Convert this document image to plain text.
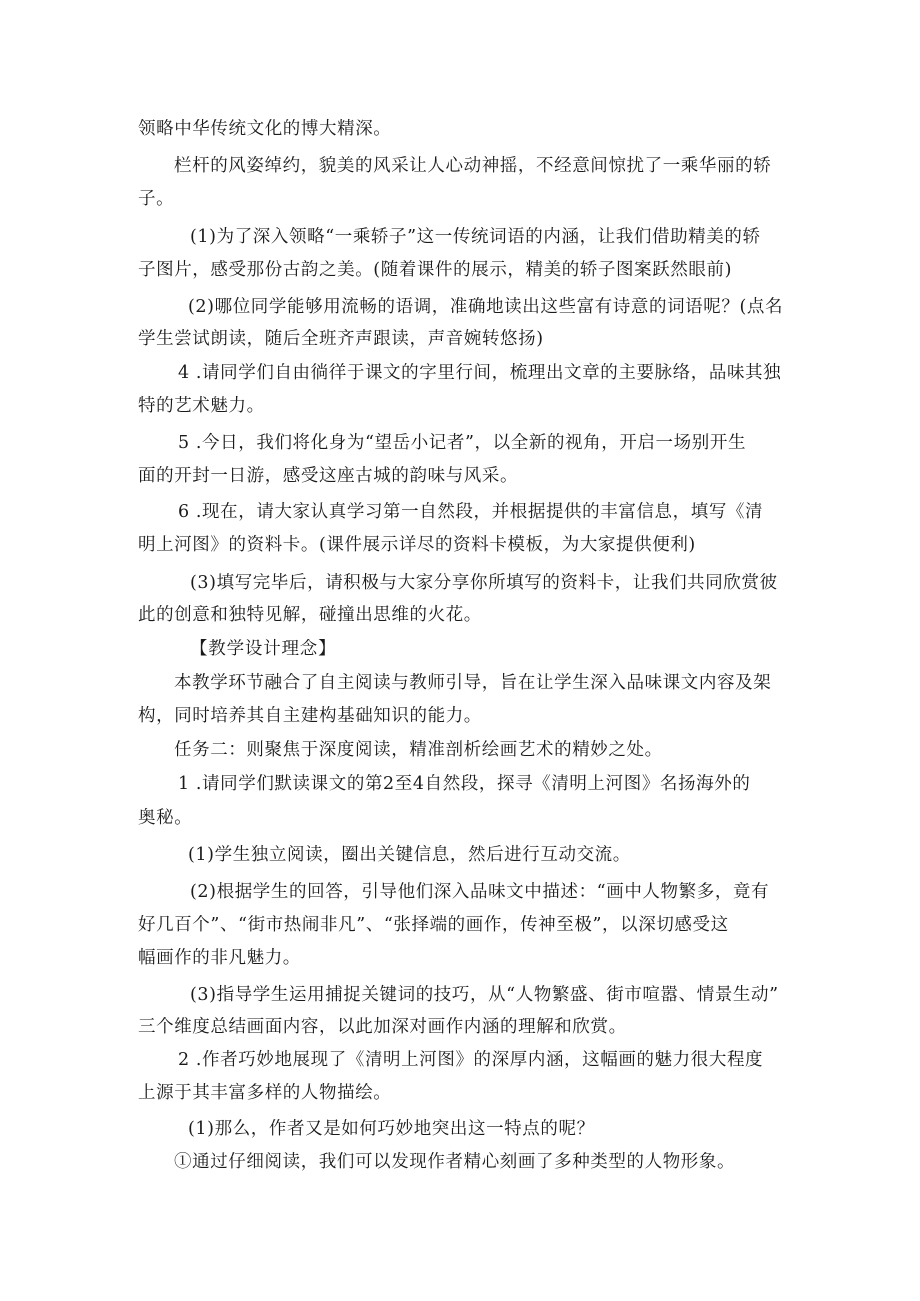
领略中华传统文化的博大精深。
栏杆的风姿绰约，貌美的风采让人心动神摇，不经意间惊扰了一乘华丽的轿
子。
(1)为了深入领略“一乘轿子”这一传统词语的内涵，让我们借助精美的轿
子图片，感受那份古韵之美。(随着课件的展示，精美的轿子图案跃然眼前)
(2)哪位同学能够用流畅的语调，准确地读出这些富有诗意的词语呢？(点名
学生尝试朗读，随后全班齐声跟读，声音婉转悠扬)
4 .请同学们自由徜徉于课文的字里行间，梳理出文章的主要脉络，品味其独
特的艺术魅力。
5 .今日，我们将化身为“望岳小记者”，以全新的视角，开启一场别开生
面的开封一日游，感受这座古城的韵味与风采。
6 .现在，请大家认真学习第一自然段，并根据提供的丰富信息，填写《清
明上河图》的资料卡。(课件展示详尽的资料卡模板，为大家提供便利)
(3)填写完毕后，请积极与大家分享你所填写的资料卡，让我们共同欣赏彼
此的创意和独特见解，碰撞出思维的火花。
【教学设计理念】
本教学环节融合了自主阅读与教师引导，旨在让学生深入品味课文内容及架
构，同时培养其自主建构基础知识的能力。
任务二：则聚焦于深度阅读，精准剖析绘画艺术的精妙之处。
1 .请同学们默读课文的第2至4自然段，探寻《清明上河图》名扬海外的
奥秘。
(1)学生独立阅读，圈出关键信息，然后进行互动交流。
(2)根据学生的回答，引导他们深入品味文中描述：“画中人物繁多，竟有
好几百个”、“街市热闹非凡”、“张择端的画作，传神至极”，以深切感受这
幅画作的非凡魅力。
(3)指导学生运用捕捉关键词的技巧，从“人物繁盛、街市喧嚣、情景生动”
三个维度总结画面内容，以此加深对画作内涵的理解和欣赏。
2 .作者巧妙地展现了《清明上河图》的深厚内涵，这幅画的魅力很大程度
上源于其丰富多样的人物描绘。
(1)那么，作者又是如何巧妙地突出这一特点的呢？
①通过仔细阅读，我们可以发现作者精心刻画了多种类型的人物形象。
